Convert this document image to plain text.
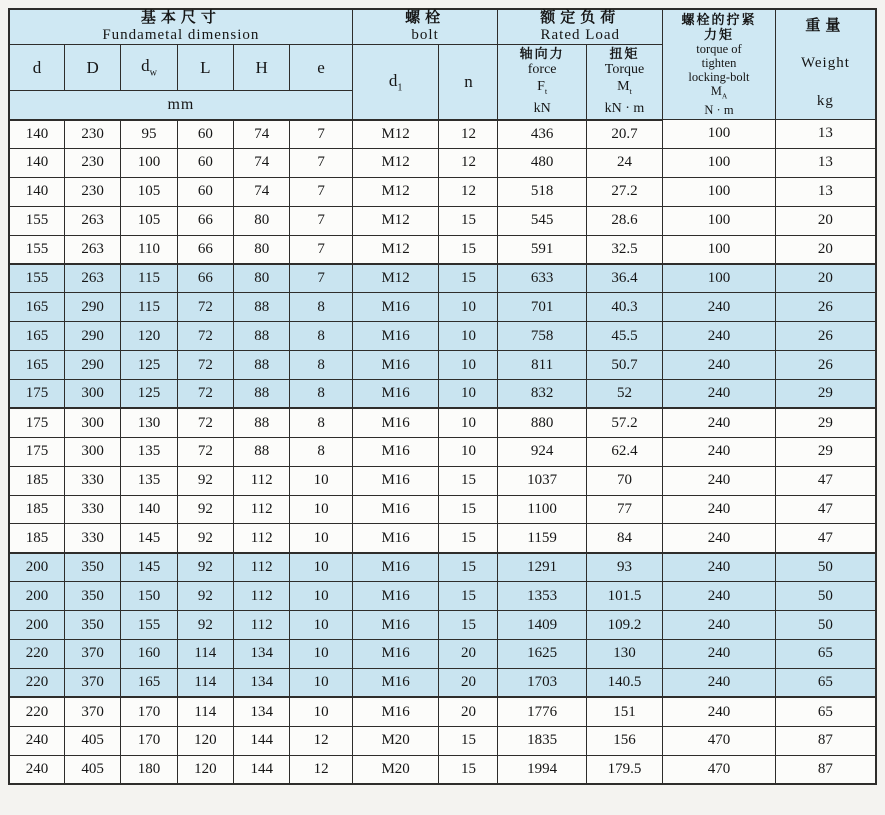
基本尺寸
Fundametal dimension

螺栓
bolt

额定负荷
Rated Load

螺栓的拧紧
力矩
torque of
tighten
locking-bolt
$M_A$
N · m

重量
Weight
kg

d	D	$d_w$	L	H	e	$d_1$	n	
轴向力
force
$F_t$
kN

扭矩
Torque
$M_t$
kN · m

mm											
140	230	95	60	74	7	M12	12	436	20.7	100	13
140	230	100	60	74	7	M12	12	480	24	100	13
140	230	105	60	74	7	M12	12	518	27.2	100	13
155	263	105	66	80	7	M12	15	545	28.6	100	20
155	263	110	66	80	7	M12	15	591	32.5	100	20
155	263	115	66	80	7	M12	15	633	36.4	100	20
165	290	115	72	88	8	M16	10	701	40.3	240	26
165	290	120	72	88	8	M16	10	758	45.5	240	26
165	290	125	72	88	8	M16	10	811	50.7	240	26
175	300	125	72	88	8	M16	10	832	52	240	29
175	300	130	72	88	8	M16	10	880	57.2	240	29
175	300	135	72	88	8	M16	10	924	62.4	240	29
185	330	135	92	112	10	M16	15	1037	70	240	47
185	330	140	92	112	10	M16	15	1100	77	240	47
185	330	145	92	112	10	M16	15	1159	84	240	47
200	350	145	92	112	10	M16	15	1291	93	240	50
200	350	150	92	112	10	M16	15	1353	101.5	240	50
200	350	155	92	112	10	M16	15	1409	109.2	240	50
220	370	160	114	134	10	M16	20	1625	130	240	65
220	370	165	114	134	10	M16	20	1703	140.5	240	65
220	370	170	114	134	10	M16	20	1776	151	240	65
240	405	170	120	144	12	M20	15	1835	156	470	87
240	405	180	120	144	12	M20	15	1994	179.5	470	87
